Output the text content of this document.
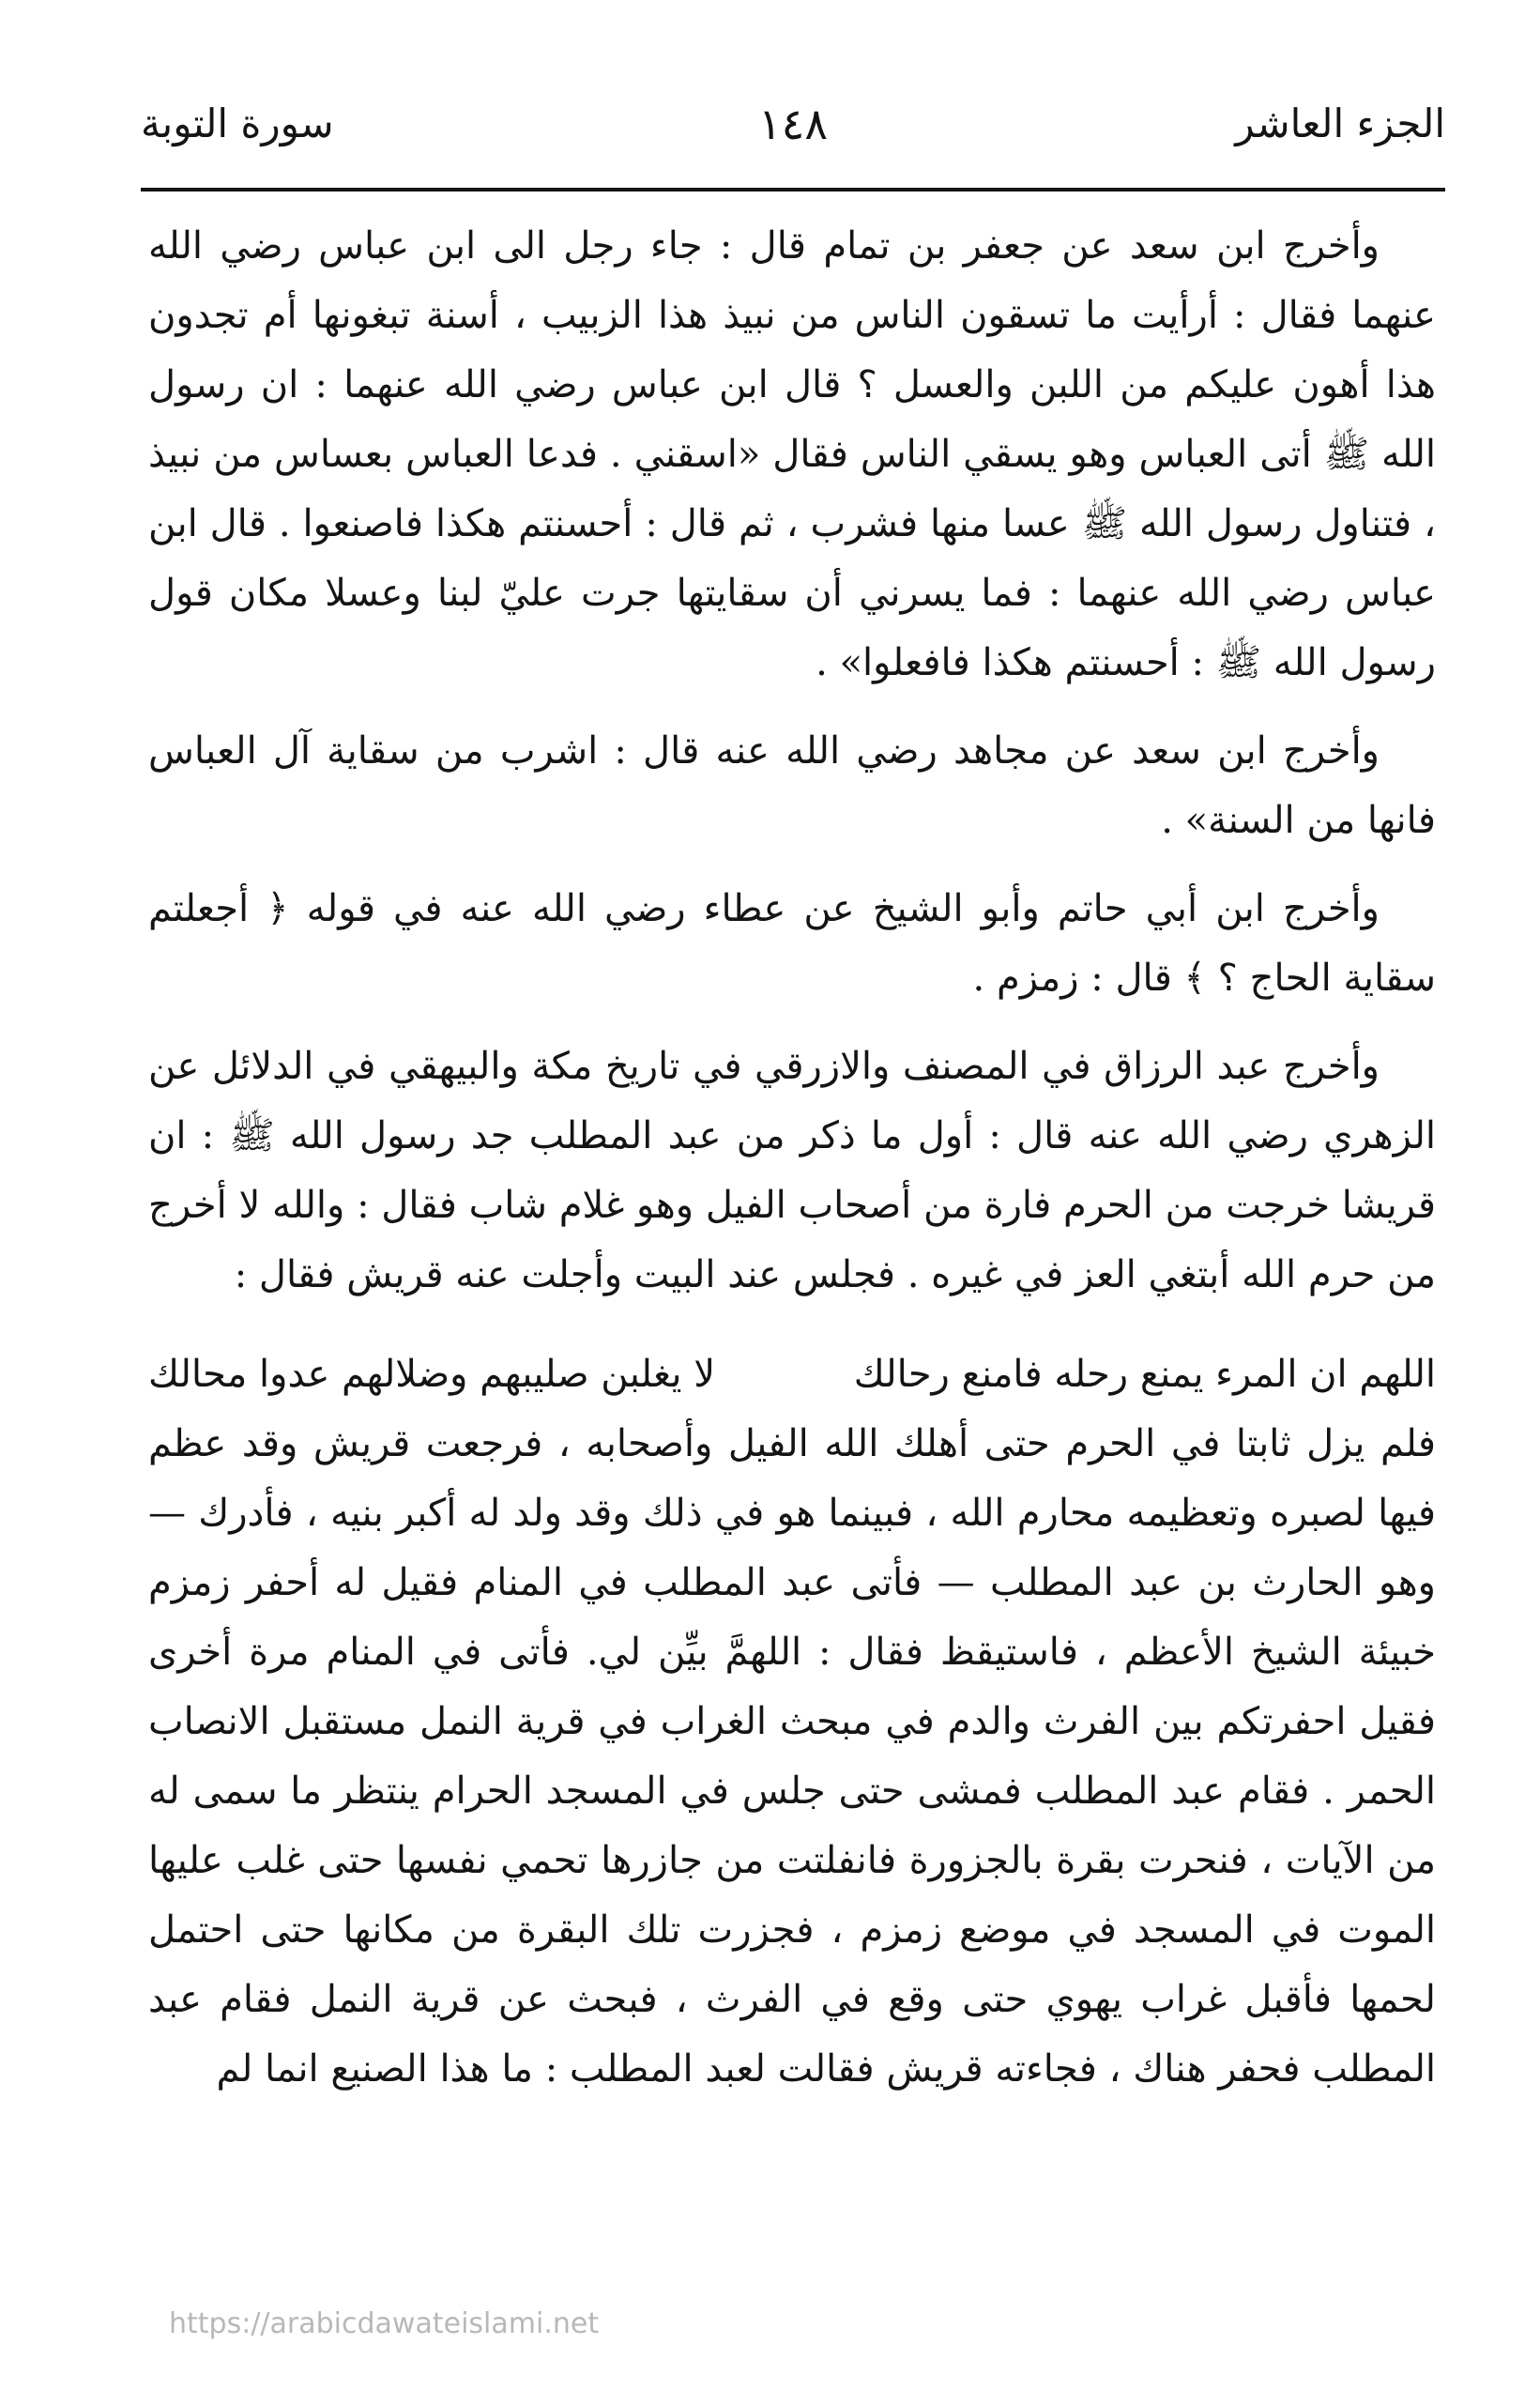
الجزء العاشر
١٤٨
سورة التوبة

وأخرج ابن سعد عن جعفر بن تمام قال : جاء رجل الى ابن عباس رضي الله عنهما فقال : أرأيت ما تسقون الناس من نبيذ هذا الزبيب ، أسنة تبغونها أم تجدون هذا أهون عليكم من اللبن والعسل ؟ قال ابن عباس رضي الله عنهما : ان رسول الله ﷺ أتى العباس وهو يسقي الناس فقال «اسقني . فدعا العباس بعساس من نبيذ ، فتناول رسول الله ﷺ عسا منها فشرب ، ثم قال : أحسنتم هكذا فاصنعوا . قال ابن عباس رضي الله عنهما : فما يسرني أن سقايتها جرت عليّ لبنا وعسلا مكان قول رسول الله ﷺ : أحسنتم هكذا فافعلوا» .

وأخرج ابن سعد عن مجاهد رضي الله عنه قال : اشرب من سقاية آل العباس فانها من السنة» .

وأخرج ابن أبي حاتم وأبو الشيخ عن عطاء رضي الله عنه في قوله ﴿ أجعلتم سقاية الحاج ؟ ﴾ قال : زمزم .

وأخرج عبد الرزاق في المصنف والازرقي في تاريخ مكة والبيهقي في الدلائل عن الزهري رضي الله عنه قال : أول ما ذكر من عبد المطلب جد رسول الله ﷺ : ان قريشا خرجت من الحرم فارة من أصحاب الفيل وهو غلام شاب فقال : والله لا أخرج من حرم الله أبتغي العز في غيره . فجلس عند البيت وأجلت عنه قريش فقال :

اللهم ان المرء يمنع رحله فامنع رحالك
لا يغلبن صليبهم وضلالهم عدوا محالك

فلم يزل ثابتا في الحرم حتى أهلك الله الفيل وأصحابه ، فرجعت قريش وقد عظم فيها لصبره وتعظيمه محارم الله ، فبينما هو في ذلك وقد ولد له أكبر بنيه ، فأدرك — وهو الحارث بن عبد المطلب — فأتى عبد المطلب في المنام فقيل له أحفر زمزم خبيئة الشيخ الأعظم ، فاستيقظ فقال : اللهمَّ بيِّن لي. فأتى في المنام مرة أخرى فقيل احفرتكم بين الفرث والدم في مبحث الغراب في قرية النمل مستقبل الانصاب الحمر . فقام عبد المطلب فمشى حتى جلس في المسجد الحرام ينتظر ما سمى له من الآيات ، فنحرت بقرة بالجزورة فانفلتت من جازرها تحمي نفسها حتى غلب عليها الموت في المسجد في موضع زمزم ، فجزرت تلك البقرة من مكانها حتى احتمل لحمها فأقبل غراب يهوي حتى وقع في الفرث ، فبحث عن قرية النمل فقام عبد المطلب فحفر هناك ، فجاءته قريش فقالت لعبد المطلب : ما هذا الصنيع انما لم

https://arabicdawateislami.net
